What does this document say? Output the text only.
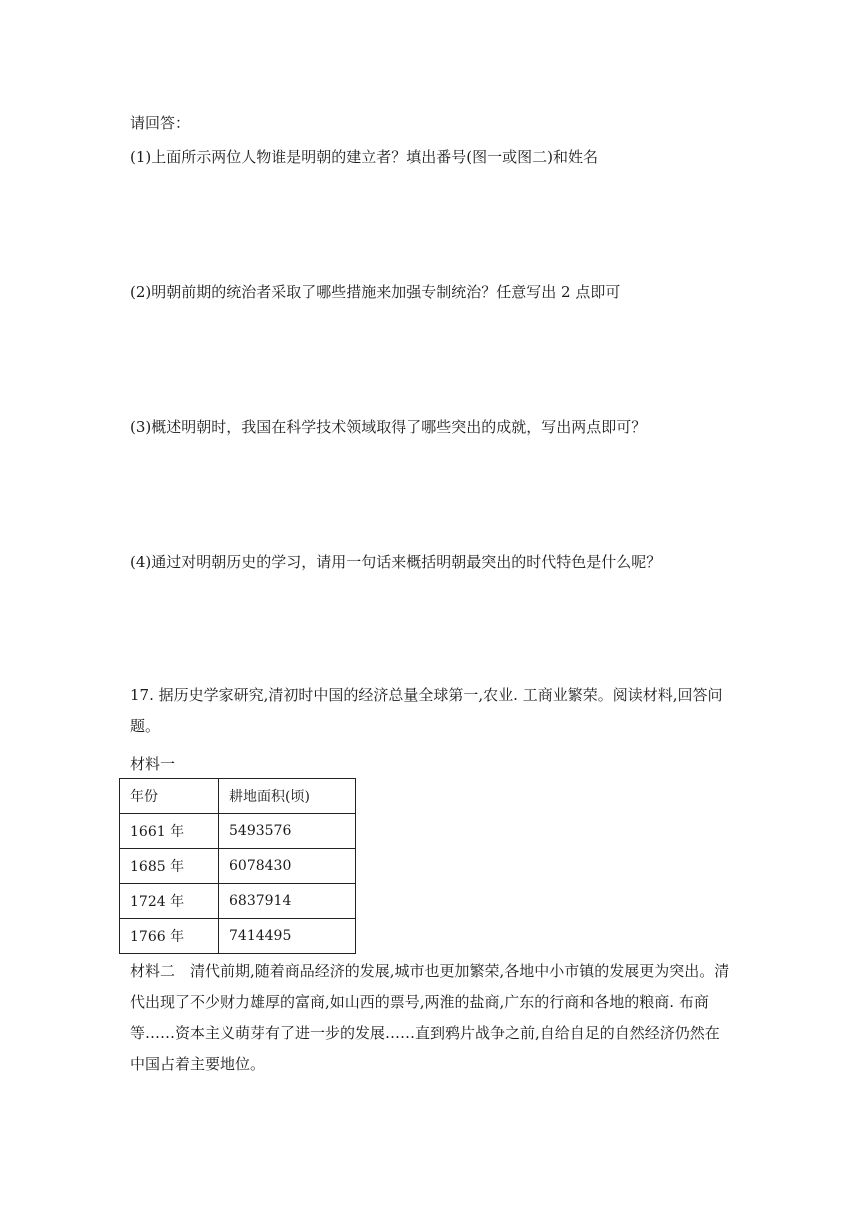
请回答：
(1)上面所示两位人物谁是明朝的建立者？填出番号(图一或图二)和姓名
(2)明朝前期的统治者采取了哪些措施来加强专制统治？任意写出 2 点即可
(3)概述明朝时，我国在科学技术领域取得了哪些突出的成就，写出两点即可？
(4)通过对明朝历史的学习，请用一句话来概括明朝最突出的时代特色是什么呢？
17. 据历史学家研究,清初时中国的经济总量全球第一,农业. 工商业繁荣。阅读材料,回答问题。
材料一
年份	耕地面积(顷)
1661 年	5493576
1685 年	6078430
1724 年	6837914
1766 年	7414495
材料二　清代前期,随着商品经济的发展,城市也更加繁荣,各地中小市镇的发展更为突出。清代出现了不少财力雄厚的富商,如山西的票号,两淮的盐商,广东的行商和各地的粮商. 布商等……资本主义萌芽有了进一步的发展……直到鸦片战争之前,自给自足的自然经济仍然在中国占着主要地位。
